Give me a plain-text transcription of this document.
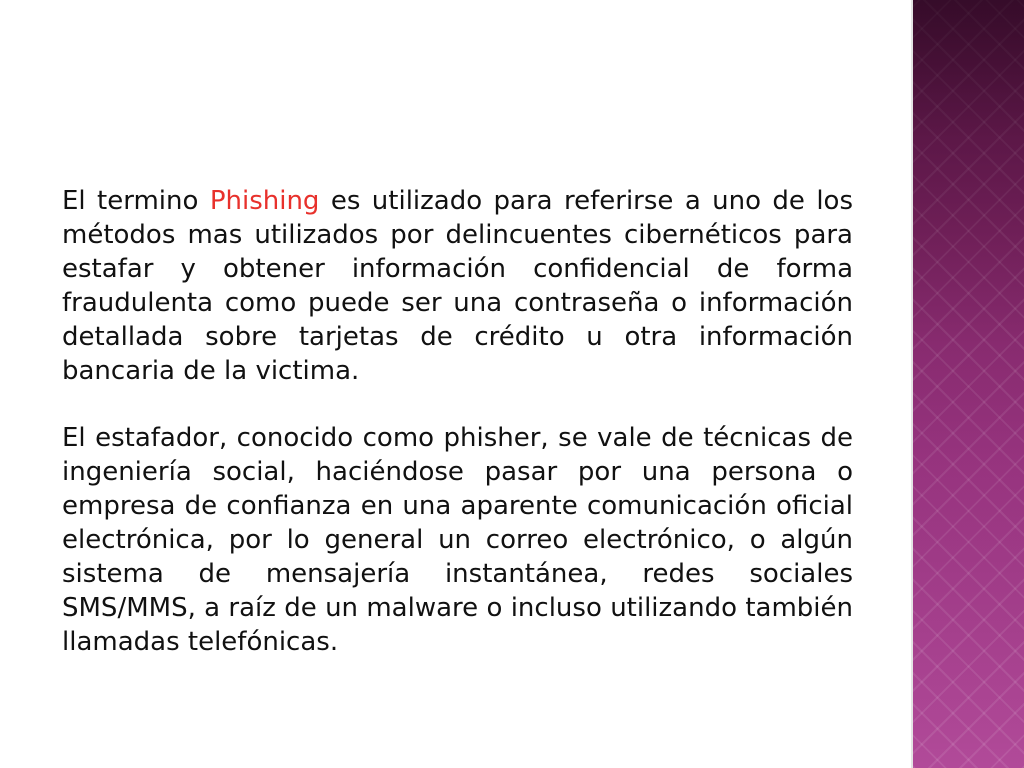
El termino Phishing es utilizado para referirse a uno de los métodos mas utilizados por delincuentes cibernéticos para estafar y obtener información confidencial de forma fraudulenta como puede ser una contraseña o información detallada sobre tarjetas de crédito u otra información bancaria de la victima.

El estafador, conocido como phisher, se vale de técnicas de ingeniería social, haciéndose pasar por una persona o empresa de confianza en una aparente comunicación oficial electrónica, por lo general un correo electrónico, o algún sistema de mensajería instantánea, redes sociales SMS/MMS, a raíz de un malware o incluso utilizando también llamadas telefónicas.
